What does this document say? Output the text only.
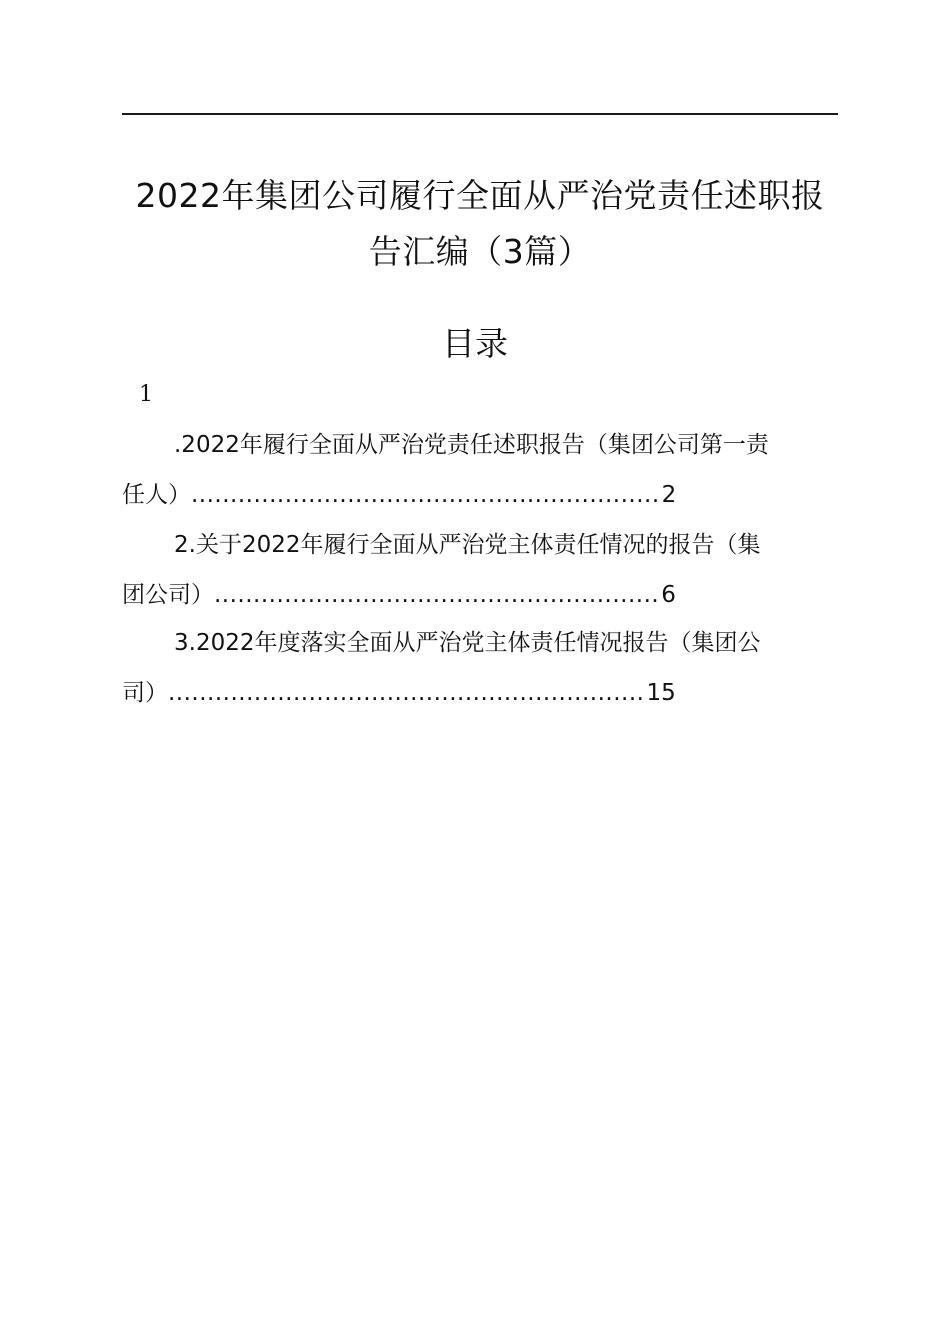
2022年集团公司履行全面从严治党责任述职报
告汇编（3篇）
目录
1
.2022年履行全面从严治党责任述职报告（集团公司第一责
任人） ............................................................ 2
2.关于2022年履行全面从严治党主体责任情况的报告（集
团公司） ......................................................... 6
3.2022年度落实全面从严治党主体责任情况报告（集团公
司） ............................................................. 15
